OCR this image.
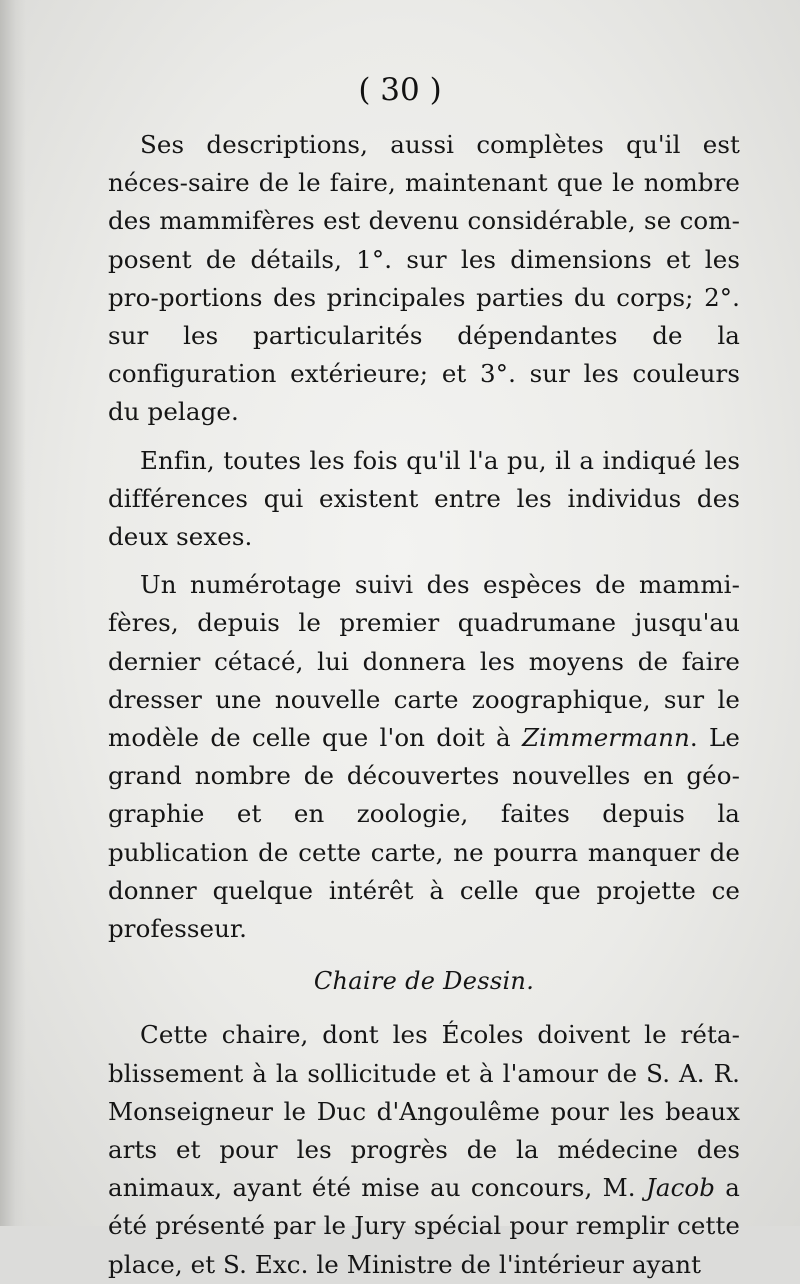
( 30 )

Ses descriptions, aussi complètes qu'il est néces-saire de le faire, maintenant que le nombre des mammifères est devenu considérable, se com-posent de détails, 1°. sur les dimensions et les pro-portions des principales parties du corps; 2°. sur les particularités dépendantes de la configuration extérieure; et 3°. sur les couleurs du pelage.

Enfin, toutes les fois qu'il l'a pu, il a indiqué les différences qui existent entre les individus des deux sexes.

Un numérotage suivi des espèces de mammi-fères, depuis le premier quadrumane jusqu'au dernier cétacé, lui donnera les moyens de faire dresser une nouvelle carte zoographique, sur le modèle de celle que l'on doit à Zimmermann. Le grand nombre de découvertes nouvelles en géo-graphie et en zoologie, faites depuis la publication de cette carte, ne pourra manquer de donner quelque intérêt à celle que projette ce professeur.

Chaire de Dessin.

Cette chaire, dont les Écoles doivent le réta-blissement à la sollicitude et à l'amour de S. A. R. Monseigneur le Duc d'Angoulême pour les beaux arts et pour les progrès de la médecine des animaux, ayant été mise au concours, M. Jacob a été présenté par le Jury spécial pour remplir cette place, et S. Exc. le Ministre de l'intérieur ayant
